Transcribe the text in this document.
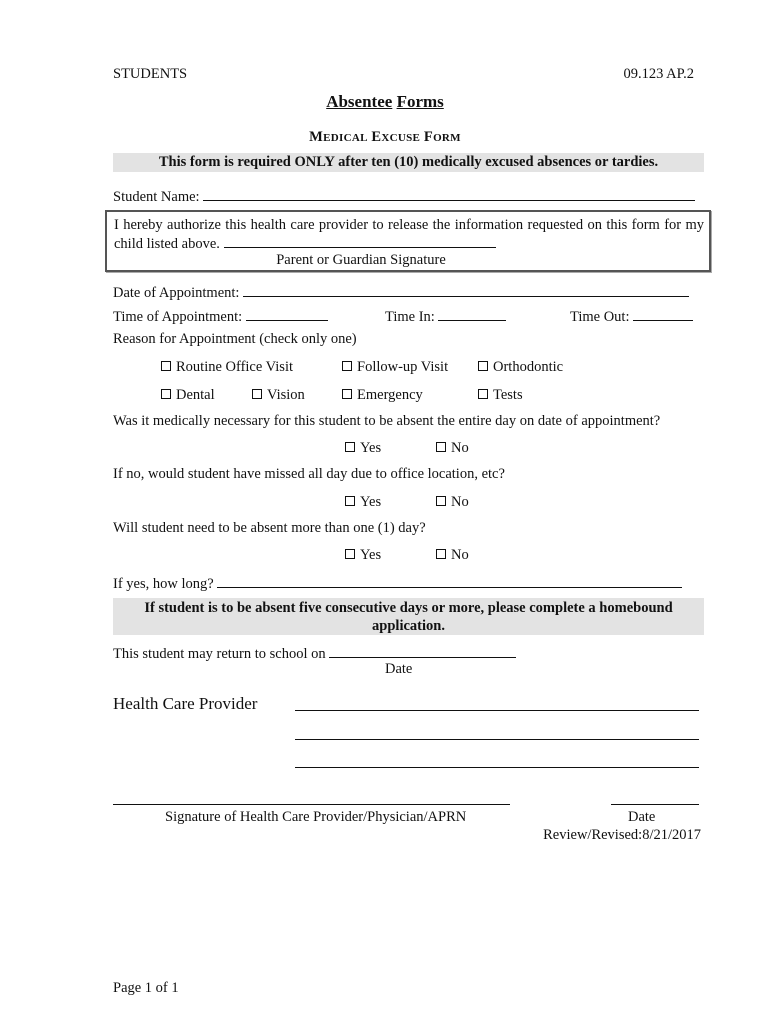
STUDENTS	09.123 AP.2
Absentee Forms
MEDICAL EXCUSE FORM
This form is required ONLY after ten (10) medically excused absences or tardies.
Student Name:
I hereby authorize this health care provider to release the information requested on this form for my child listed above.
Parent or Guardian Signature
Date of Appointment:
Time of Appointment:	Time In:	Time Out:
Reason for Appointment (check only one)
Routine Office Visit	Follow-up Visit	Orthodontic
Dental	Vision	Emergency	Tests
Was it medically necessary for this student to be absent the entire day on date of appointment?
Yes	No
If no, would student have missed all day due to office location, etc?
Yes	No
Will student need to be absent more than one (1) day?
Yes	No
If yes, how long?
If student is to be absent five consecutive days or more, please complete a homebound application.
This student may return to school on
Date
Health Care Provider
Signature of Health Care Provider/Physician/APRN	Date
Review/Revised:8/21/2017
Page 1 of 1
